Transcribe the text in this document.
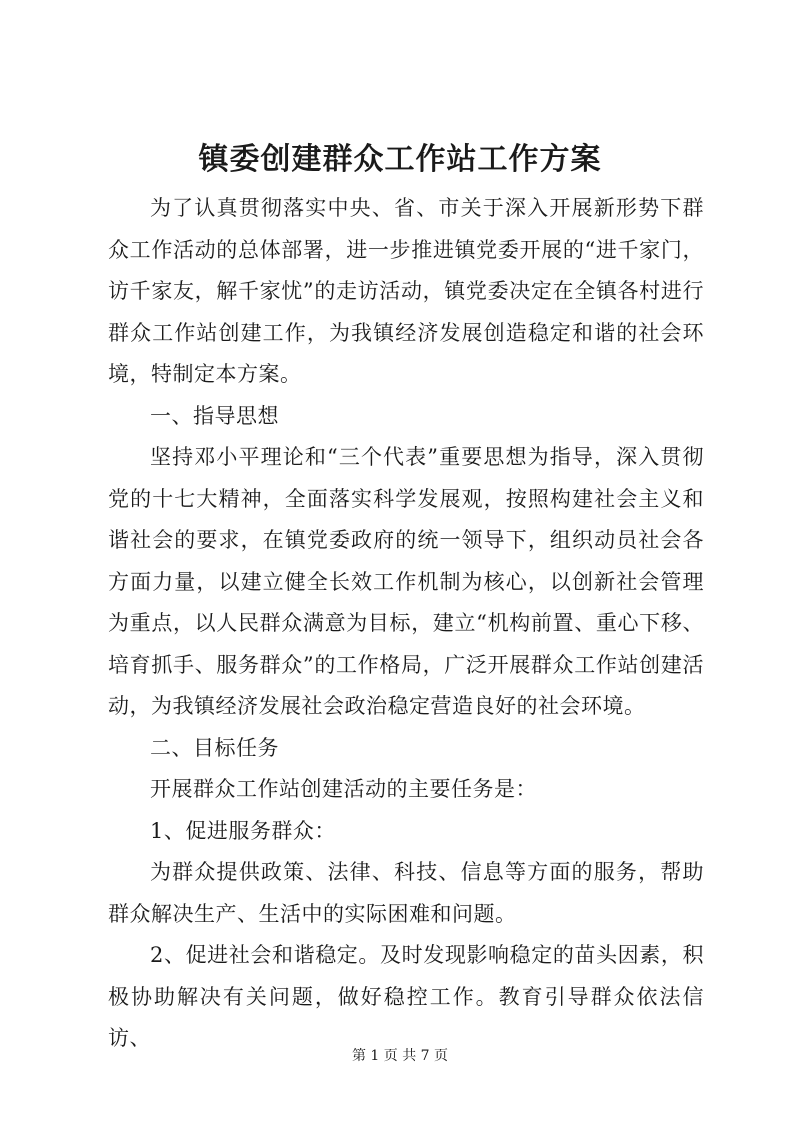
镇委创建群众工作站工作方案

为了认真贯彻落实中央、省、市关于深入开展新形势下群众工作活动的总体部署，进一步推进镇党委开展的“进千家门，访千家友，解千家忧”的走访活动，镇党委决定在全镇各村进行群众工作站创建工作，为我镇经济发展创造稳定和谐的社会环境，特制定本方案。

一、指导思想

坚持邓小平理论和“三个代表”重要思想为指导，深入贯彻党的十七大精神，全面落实科学发展观，按照构建社会主义和谐社会的要求，在镇党委政府的统一领导下，组织动员社会各方面力量，以建立健全长效工作机制为核心，以创新社会管理为重点，以人民群众满意为目标，建立“机构前置、重心下移、培育抓手、服务群众”的工作格局，广泛开展群众工作站创建活动，为我镇经济发展社会政治稳定营造良好的社会环境。

二、目标任务

开展群众工作站创建活动的主要任务是：

1、促进服务群众：

为群众提供政策、法律、科技、信息等方面的服务，帮助群众解决生产、生活中的实际困难和问题。

2、促进社会和谐稳定。及时发现影响稳定的苗头因素，积极协助解决有关问题，做好稳控工作。教育引导群众依法信访、

第 1 页 共 7 页
